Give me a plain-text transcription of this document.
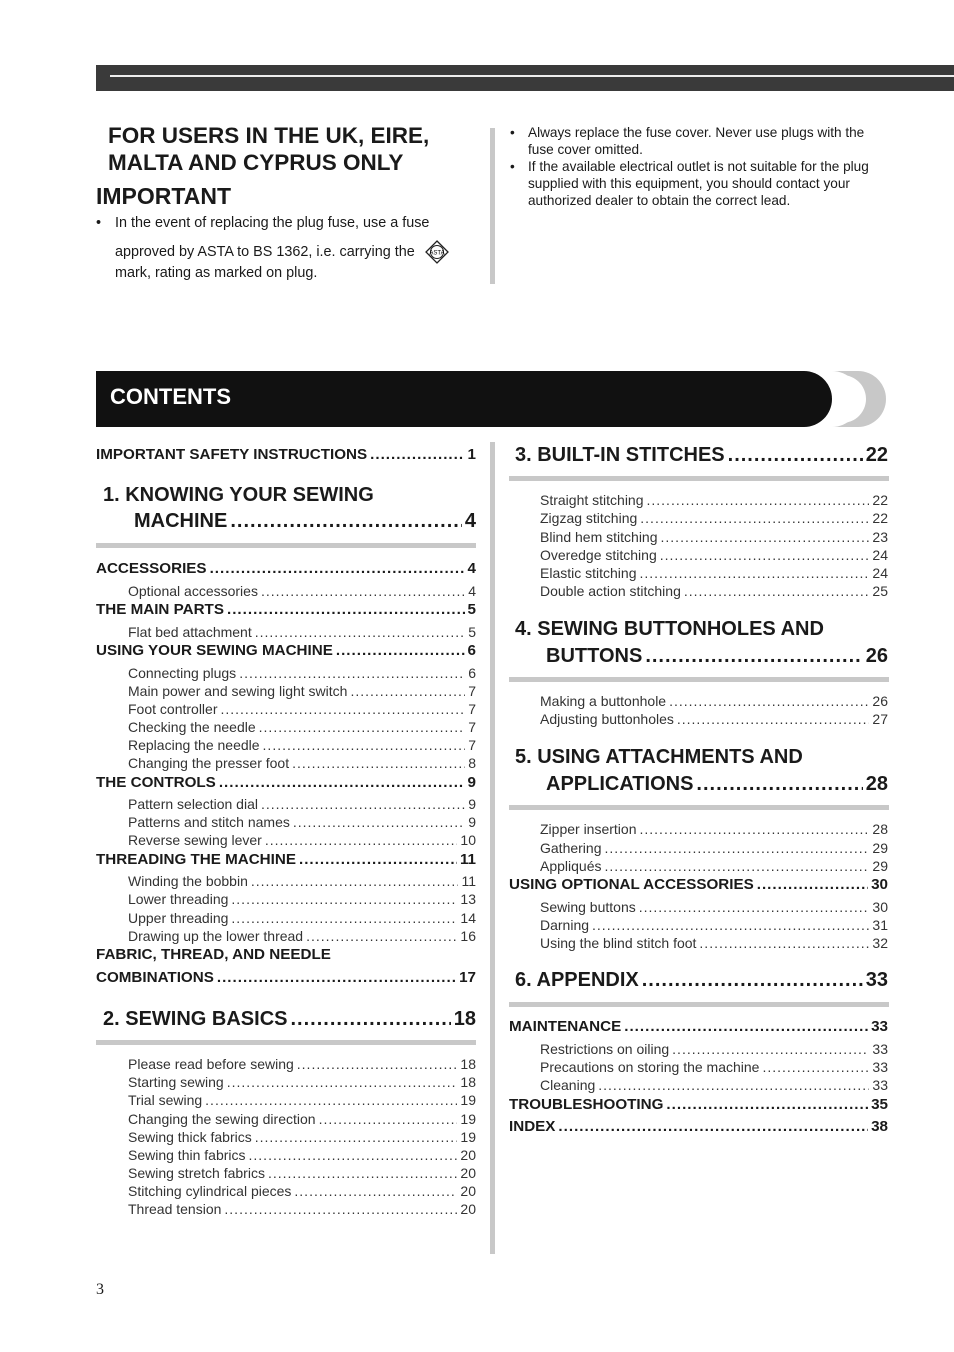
FOR USERS IN THE UK, EIRE,
MALTA AND CYPRUS ONLY
IMPORTANT
• In the event of replacing the plug fuse, use a fuse
approved by ASTA to BS 1362, i.e. carrying the ASTA
mark, rating as marked on plug.
• Always replace the fuse cover. Never use plugs with the fuse cover omitted.
• If the available electrical outlet is not suitable for the plug supplied with this equipment, you should contact your authorized dealer to obtain the correct lead.
CONTENTS
IMPORTANT SAFETY INSTRUCTIONS .....	1
1. KNOWING YOUR SEWING
MACHINE .....	4
ACCESSORIES .....	4
Optional accessories .....	4
THE MAIN PARTS .....	5
Flat bed attachment .....	5
USING YOUR SEWING MACHINE .....	6
Connecting plugs .....	6
Main power and sewing light switch .....	7
Foot controller .....	7
Checking the needle .....	7
Replacing the needle .....	7
Changing the presser foot .....	8
THE CONTROLS .....	9
Pattern selection dial .....	9
Patterns and stitch names .....	9
Reverse sewing lever .....	10
THREADING THE MACHINE .....	11
Winding the bobbin .....	11
Lower threading .....	13
Upper threading .....	14
Drawing up the lower thread .....	16
FABRIC, THREAD, AND NEEDLE
COMBINATIONS .....	17
2. SEWING BASICS .....	18
Please read before sewing .....	18
Starting sewing .....	18
Trial sewing .....	19
Changing the sewing direction .....	19
Sewing thick fabrics .....	19
Sewing thin fabrics .....	20
Sewing stretch fabrics .....	20
Stitching cylindrical pieces .....	20
Thread tension .....	20
3. BUILT-IN STITCHES .....	22
Straight stitching .....	22
Zigzag stitching .....	22
Blind hem stitching .....	23
Overedge stitching .....	24
Elastic stitching .....	24
Double action stitching .....	25
4. SEWING BUTTONHOLES AND
BUTTONS .....	26
Making a buttonhole .....	26
Adjusting buttonholes .....	27
5. USING ATTACHMENTS AND
APPLICATIONS .....	28
Zipper insertion .....	28
Gathering .....	29
Appliqués .....	29
USING OPTIONAL ACCESSORIES .....	30
Sewing buttons .....	30
Darning .....	31
Using the blind stitch foot .....	32
6. APPENDIX .....	33
MAINTENANCE .....	33
Restrictions on oiling .....	33
Precautions on storing the machine .....	33
Cleaning .....	33
TROUBLESHOOTING .....	35
INDEX .....	38
3
